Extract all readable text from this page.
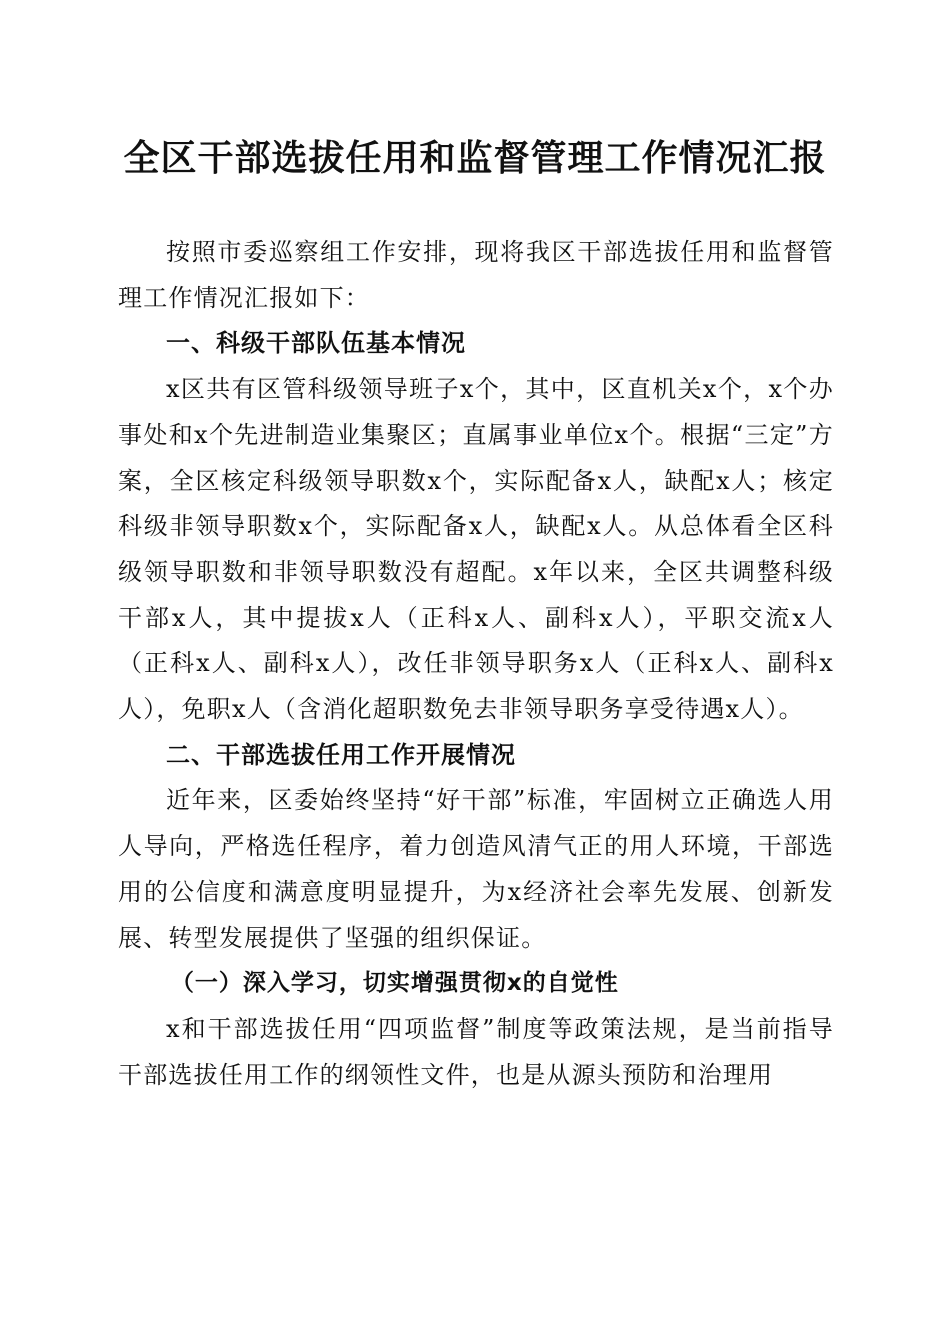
全区干部选拔任用和监督管理工作情况汇报

按照市委巡察组工作安排，现将我区干部选拔任用和监督管理工作情况汇报如下：

一、科级干部队伍基本情况

x区共有区管科级领导班子x个，其中，区直机关x个，x个办事处和x个先进制造业集聚区；直属事业单位x个。根据“三定”方案，全区核定科级领导职数x个，实际配备x人，缺配x人；核定科级非领导职数x个，实际配备x人，缺配x人。从总体看全区科级领导职数和非领导职数没有超配。x年以来，全区共调整科级干部x人，其中提拔x人（正科x人、副科x人），平职交流x人（正科x人、副科x人），改任非领导职务x人（正科x人、副科x人），免职x人（含消化超职数免去非领导职务享受待遇x人）。

二、干部选拔任用工作开展情况

近年来，区委始终坚持“好干部”标准，牢固树立正确选人用人导向，严格选任程序，着力创造风清气正的用人环境，干部选用的公信度和满意度明显提升，为x经济社会率先发展、创新发展、转型发展提供了坚强的组织保证。

（一）深入学习，切实增强贯彻x的自觉性

x和干部选拔任用“四项监督”制度等政策法规，是当前指导干部选拔任用工作的纲领性文件，也是从源头预防和治理用
